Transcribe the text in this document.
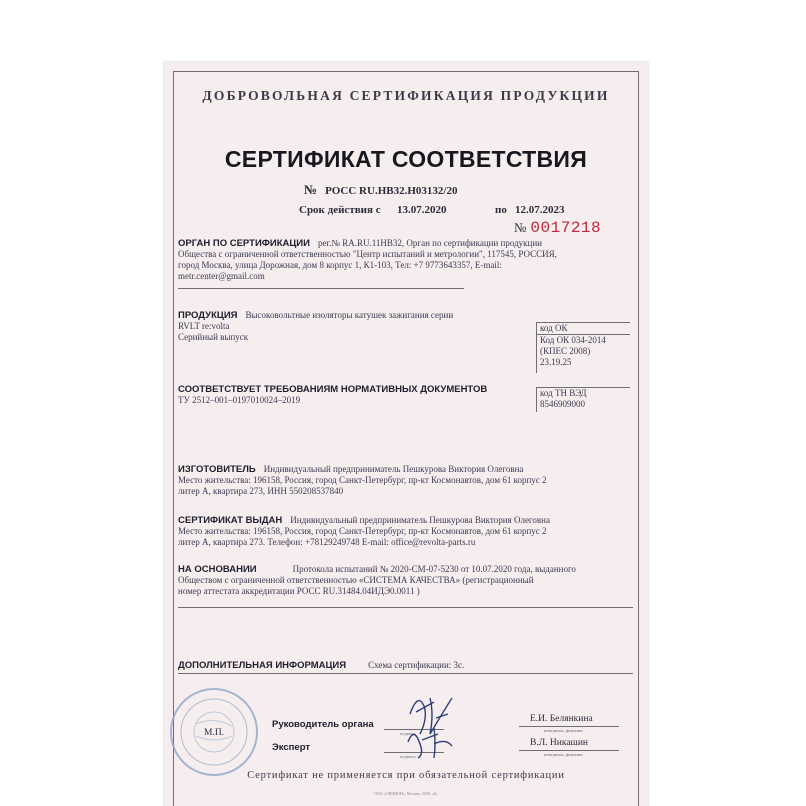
ДОБРОВОЛЬНАЯ СЕРТИФИКАЦИЯ ПРОДУКЦИИ
СЕРТИФИКАТ СООТВЕТСТВИЯ
№ РОСС RU.НВ32.Н03132/20
Срок действия с 13.07.2020	по 12.07.2023
№ 0017218
ОРГАН ПО СЕРТИФИКАЦИИ рег.№ RA.RU.11НВ32, Орган по сертификации продукции
Общества с ограниченной ответственностью "Центр испытаний и метрологии", 117545, РОССИЯ,
город Москва, улица Дорожная, дом 8 корпус 1, К1-103, Тел: +7 9773643357, E-mail:
metr.center@gmail.com
ПРОДУКЦИЯ Высоковольтные изоляторы катушек зажигания серии
RVLT re:volta
Серийный выпуск
код ОК
Код ОК 034-2014
(КПЕС 2008)
23.19.25
СООТВЕТСТВУЕТ ТРЕБОВАНИЯМ НОРМАТИВНЫХ ДОКУМЕНТОВ
ТУ 2512–001–0197010024–2019
код ТН ВЭД
8546909000
ИЗГОТОВИТЕЛЬ Индивидуальный предприниматель Пешкурова Виктория Олеговна
Место жительства: 196158, Россия, город Санкт-Петербург, пр-кт Космонавтов, дом 61 корпус 2
литер А, квартира 273, ИНН 550208537840
СЕРТИФИКАТ ВЫДАН Индивидуальный предприниматель Пешкурова Виктория Олеговна
Место жительства: 196158, Россия, город Санкт-Петербург, пр-кт Космонавтов, дом 61 корпус 2
литер А, квартира 273. Телефон: +78129249748 E-mail: office@revolta-parts.ru
НА ОСНОВАНИИ	Протокола испытаний № 2020-СМ-07-5230 от 10.07.2020 года, выданного
Обществом с ограниченной ответственностью «СИСТЕМА КАЧЕСТВА» (регистрационный
номер аттестата аккредитации РОСС RU.31484.04ИДЭ0.0011 )
ДОПОЛНИТЕЛЬНАЯ ИНФОРМАЦИЯ Схема сертификации: 3с.
М.П.
Руководитель органа
подпись
Е.И. Белянкина
инициалы, фамилия
Эксперт
подпись
В.Л. Никашин
инициалы, фамилия
Сертификат не применяется при обязательной сертификации
ООО «ОПЦИОН», Москва, 2020, «Б»
